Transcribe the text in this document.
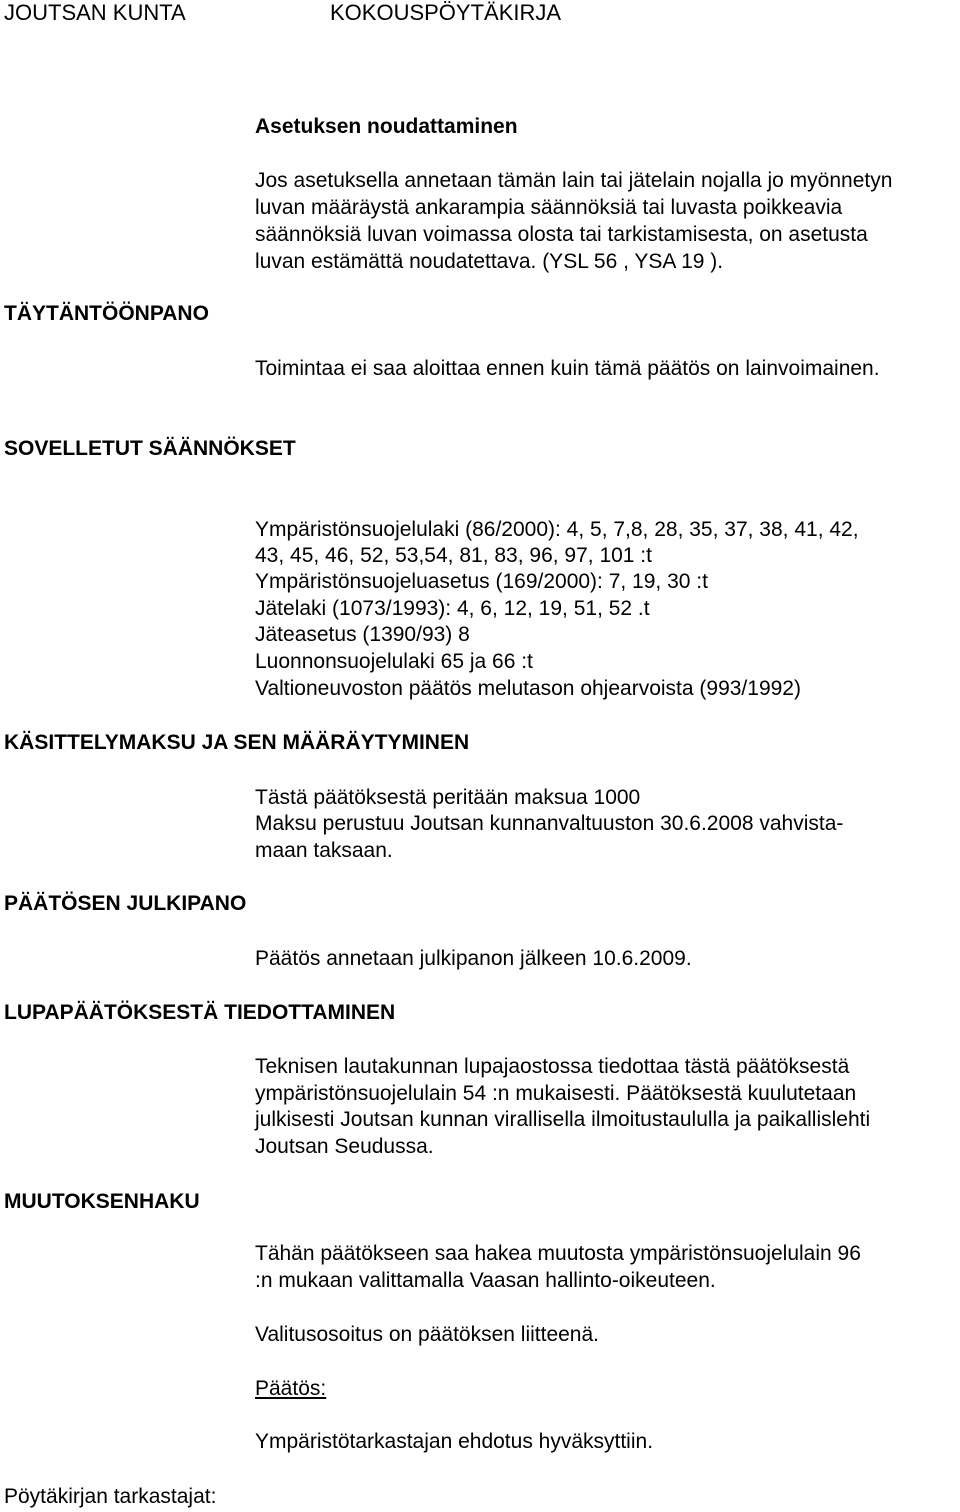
JOUTSAN KUNTA	KOKOUSPÖYTÄKIRJA
Asetuksen noudattaminen
Jos asetuksella annetaan tämän lain tai jätelain nojalla jo myönnetyn
luvan määräystä ankarampia säännöksiä tai luvasta poikkeavia
säännöksiä luvan voimassa olosta tai tarkistamisesta, on asetusta
luvan estämättä noudatettava. (YSL 56 , YSA 19 ).
TÄYTÄNTÖÖNPANO
Toimintaa ei saa aloittaa ennen kuin tämä päätös on lainvoimainen.
SOVELLETUT SÄÄNNÖKSET
Ympäristönsuojelulaki (86/2000): 4, 5, 7,8, 28, 35, 37, 38, 41, 42,
43, 45, 46, 52, 53,54, 81, 83, 96, 97, 101 :t
Ympäristönsuojeluasetus (169/2000): 7, 19, 30 :t
Jätelaki (1073/1993): 4, 6, 12, 19, 51, 52 .t
Jäteasetus (1390/93) 8
Luonnonsuojelulaki 65 ja 66 :t
Valtioneuvoston päätös melutason ohjearvoista (993/1992)
KÄSITTELYMAKSU JA SEN MÄÄRÄYTYMINEN
Tästä päätöksestä peritään maksua 1000
Maksu perustuu Joutsan kunnanvaltuuston 30.6.2008 vahvista-
maan taksaan.
PÄÄTÖSEN JULKIPANO
Päätös annetaan julkipanon jälkeen 10.6.2009.
LUPAPÄÄTÖKSESTÄ TIEDOTTAMINEN
Teknisen lautakunnan lupajaostossa tiedottaa tästä päätöksestä
ympäristönsuojelulain 54 :n mukaisesti. Päätöksestä kuulutetaan
julkisesti Joutsan kunnan virallisella ilmoitustaululla ja paikallislehti
Joutsan Seudussa.
MUUTOKSENHAKU
Tähän päätökseen saa hakea muutosta ympäristönsuojelulain 96
:n mukaan valittamalla Vaasan hallinto-oikeuteen.
Valitusosoitus on päätöksen liitteenä.
Päätös:
Ympäristötarkastajan ehdotus hyväksyttiin.
Pöytäkirjan tarkastajat:
